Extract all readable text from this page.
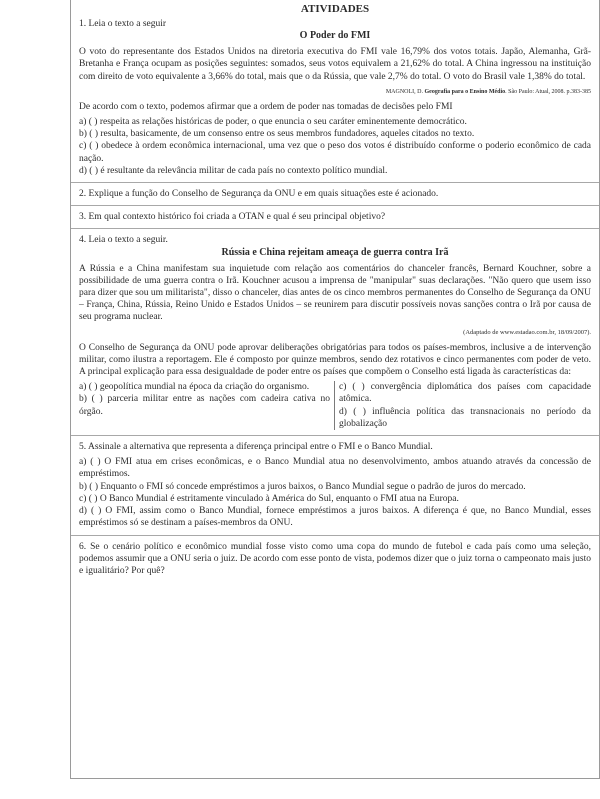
ATIVIDADES

1. Leia o texto a seguir

O Poder do FMI

O voto do representante dos Estados Unidos na diretoria executiva do FMI vale 16,79% dos votos totais. Japão, Alemanha, Grã-Bretanha e França ocupam as posições seguintes: somados, seus votos equivalem a 21,62% do total. A China ingressou na instituição com direito de voto equivalente a 3,66% do total, mais que o da Rússia, que vale 2,7% do total. O voto do Brasil vale 1,38% do total.

MAGNOLI, D. Geografia para o Ensino Médio. São Paulo: Atual, 2008. p.383-385

De acordo com o texto, podemos afirmar que a ordem de poder nas tomadas de decisões pelo FMI

a) ( ) respeita as relações históricas de poder, o que enuncia o seu caráter eminentemente democrático.

b) ( ) resulta, basicamente, de um consenso entre os seus membros fundadores, aqueles citados no texto.

c) ( ) obedece à ordem econômica internacional, uma vez que o peso dos votos é distribuído conforme o poderio econômico de cada nação.

d) ( ) é resultante da relevância militar de cada país no contexto político mundial.

2. Explique a função do Conselho de Segurança da ONU e em quais situações este é acionado.

3. Em qual contexto histórico foi criada a OTAN e qual é seu principal objetivo?

4. Leia o texto a seguir.

Rússia e China rejeitam ameaça de guerra contra Irã

A Rússia e a China manifestam sua inquietude com relação aos comentários do chanceler francês, Bernard Kouchner, sobre a possibilidade de uma guerra contra o Irã. Kouchner acusou a imprensa de "manipular" suas declarações. "Não quero que usem isso para dizer que sou um militarista", disso o chanceler, dias antes de os cinco membros permanentes do Conselho de Segurança da ONU – França, China, Rússia, Reino Unido e Estados Unidos – se reunirem para discutir possíveis novas sanções contra o Irã por causa de seu programa nuclear.

(Adaptado de www.estadao.com.br, 18/09/2007).

O Conselho de Segurança da ONU pode aprovar deliberações obrigatórias para todos os países-membros, inclusive a de intervenção militar, como ilustra a reportagem. Ele é composto por quinze membros, sendo dez rotativos e cinco permanentes com poder de veto. A principal explicação para essa desigualdade de poder entre os países que compõem o Conselho está ligada às características da:

a) ( ) geopolítica mundial na época da criação do organismo.

b) ( ) parceria militar entre as nações com cadeira cativa no órgão.

c) ( ) convergência diplomática dos países com capacidade atômica.

d) ( ) influência política das transnacionais no período da globalização

5. Assinale a alternativa que representa a diferença principal entre o FMI e o Banco Mundial.

a) ( ) O FMI atua em crises econômicas, e o Banco Mundial atua no desenvolvimento, ambos atuando através da concessão de empréstimos.

b) ( ) Enquanto o FMI só concede empréstimos a juros baixos, o Banco Mundial segue o padrão de juros do mercado.

c) ( ) O Banco Mundial é estritamente vinculado à América do Sul, enquanto o FMI atua na Europa.

d) ( ) O FMI, assim como o Banco Mundial, fornece empréstimos a juros baixos. A diferença é que, no Banco Mundial, esses empréstimos só se destinam a países-membros da ONU.

6. Se o cenário político e econômico mundial fosse visto como uma copa do mundo de futebol e cada país como uma seleção, podemos assumir que a ONU seria o juiz. De acordo com esse ponto de vista, podemos dizer que o juiz torna o campeonato mais justo e igualitário? Por quê?
